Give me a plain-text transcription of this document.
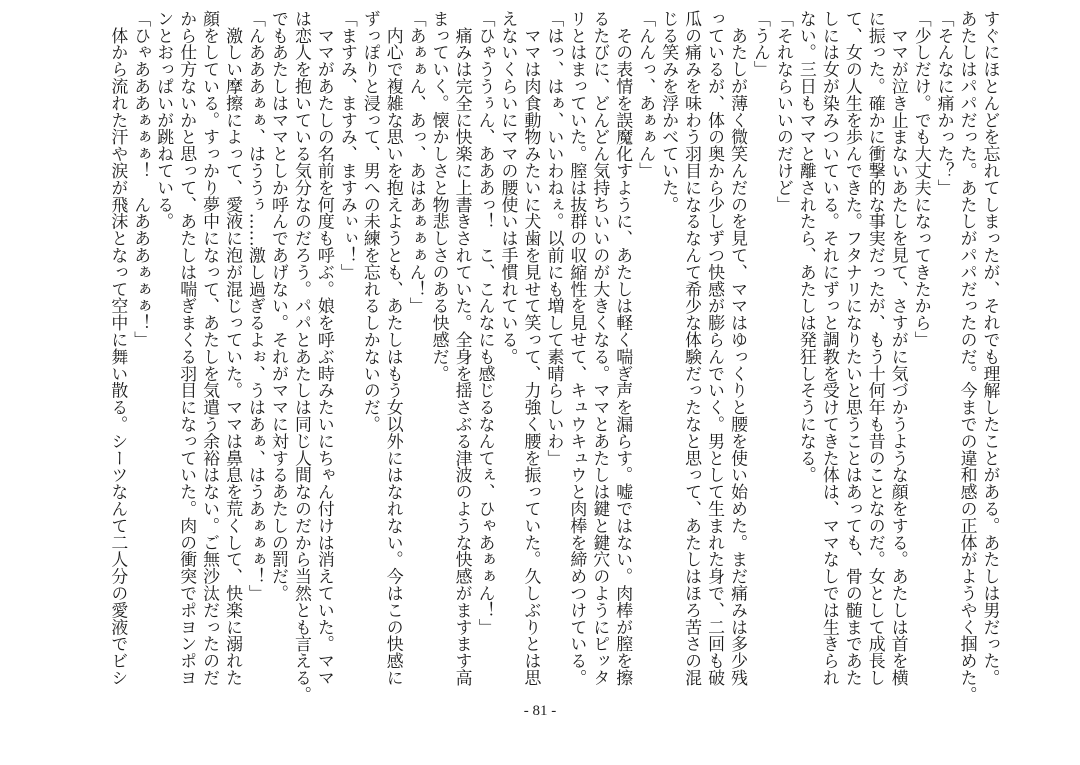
すぐにほとんどを忘れてしまったが、それでも理解したことがある。あたしは男だった。
あたしはパパだった。あたしがパパだったのだ。今までの違和感の正体がようやく掴めた。
「そんなに痛かった？」
「少しだけ。でも大丈夫になってきたから」
　ママが泣き止まないあたしを見て、さすがに気づかうような顔をする。あたしは首を横
に振った。確かに衝撃的な事実だったが、もう十何年も昔のことなのだ。女として成長し
て、女の人生を歩んできた。フタナリになりたいと思うことはあっても、骨の髄まであた
しには女が染みついている。それにずっと調教を受けてきた体は、ママなしでは生きられ
ない。三日もママと離されたら、あたしは発狂しそうになる。
「それならいいのだけど」
「うん」
　あたしが薄く微笑んだのを見て、ママはゆっくりと腰を使い始めた。まだ痛みは多少残
っているが、体の奥から少しずつ快感が膨らんでいく。男として生まれた身で、二回も破
瓜の痛みを味わう羽目になるなんて希少な体験だったなと思って、あたしはほろ苦さの混
じる笑みを浮かべていた。
「んんっ、あぁぁん」
　その表情を誤魔化すように、あたしは軽く喘ぎ声を漏らす。嘘ではない。肉棒が膣を擦
るたびに、どんどん気持ちいいのが大きくなる。ママとあたしは鍵と鍵穴のようにピッタ
リとはまっていた。膣は抜群の収縮性を見せて、キュウキュウと肉棒を締めつけている。
「はっ、はぁ、いいわねぇ。以前にも増して素晴らしいわ」
　ママは肉食動物みたいに犬歯を見せて笑って、力強く腰を振っていた。久しぶりとは思
えないくらいにママの腰使いは手慣れている。
「ひゃううぅん、あああっ！　こ、こんなにも感じるなんてぇ、ひゃあぁぁん！」
　痛みは完全に快楽に上書きされていた。全身を揺さぶる津波のような快感がますます高
まっていく。懐かしさと物悲しさのある快感だ。
「あぁぁん、あっ、あはあぁぁぁん！」
　内心で複雑な思いを抱えようとも、あたしはもう女以外にはなれない。今はこの快感に
ずっぽりと浸って、男への未練を忘れるしかないのだ。
「ますみ、ますみ、ますみぃぃ！」
　ママがあたしの名前を何度も呼ぶ。娘を呼ぶ時みたいにちゃん付けは消えていた。ママ
は恋人を抱いている気分なのだろう。パパとあたしは同じ人間なのだから当然とも言える。
でもあたしはママとしか呼んであげない。それがママに対するあたしの罰だ。
「んあああぁぁ、はううぅ……激し過ぎるよぉ、うはあぁ、はうあぁぁぁ！」
　激しい摩擦によって、愛液に泡が混じっていた。ママは鼻息を荒くして、快楽に溺れた
顔をしている。すっかり夢中になって、あたしを気遣う余裕はない。ご無沙汰だったのだ
から仕方ないかと思って、あたしは喘ぎまくる羽目になっていた。肉の衝突でポヨンポヨ
ンとおっぱいが跳ねている。
「ひゃあああぁぁぁ！　んあああぁぁぁ！」
　体から流れた汗や涙が飛沫となって空中に舞い散る。シーツなんて二人分の愛液でビシ
- 81 -
